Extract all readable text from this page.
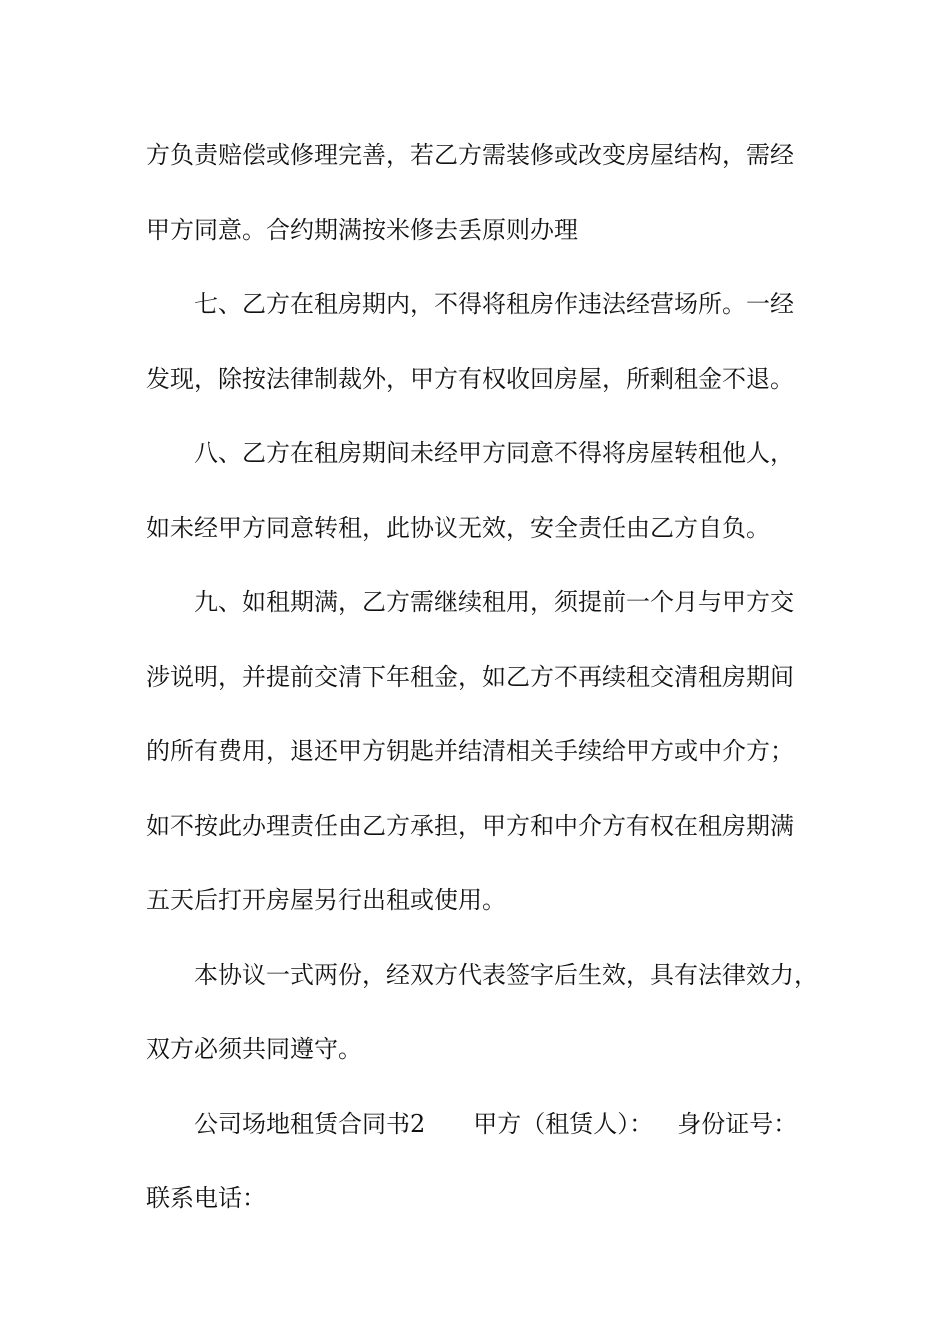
方负责赔偿或修理完善，若乙方需装修或改变房屋结构，需经
甲方同意。合约期满按米修去丢原则办理
七、乙方在租房期内，不得将租房作违法经营场所。一经
发现，除按法律制裁外，甲方有权收回房屋，所剩租金不退。
八、乙方在租房期间未经甲方同意不得将房屋转租他人，
如未经甲方同意转租，此协议无效，安全责任由乙方自负。
九、如租期满，乙方需继续租用，须提前一个月与甲方交
涉说明，并提前交清下年租金，如乙方不再续租交清租房期间
的所有费用，退还甲方钥匙并结清相关手续给甲方或中介方；
如不按此办理责任由乙方承担，甲方和中介方有权在租房期满
五天后打开房屋另行出租或使用。
本协议一式两份，经双方代表签字后生效，具有法律效力，
双方必须共同遵守。
公司场地租赁合同书2 甲方（租赁人）： 身份证号：
联系电话：
